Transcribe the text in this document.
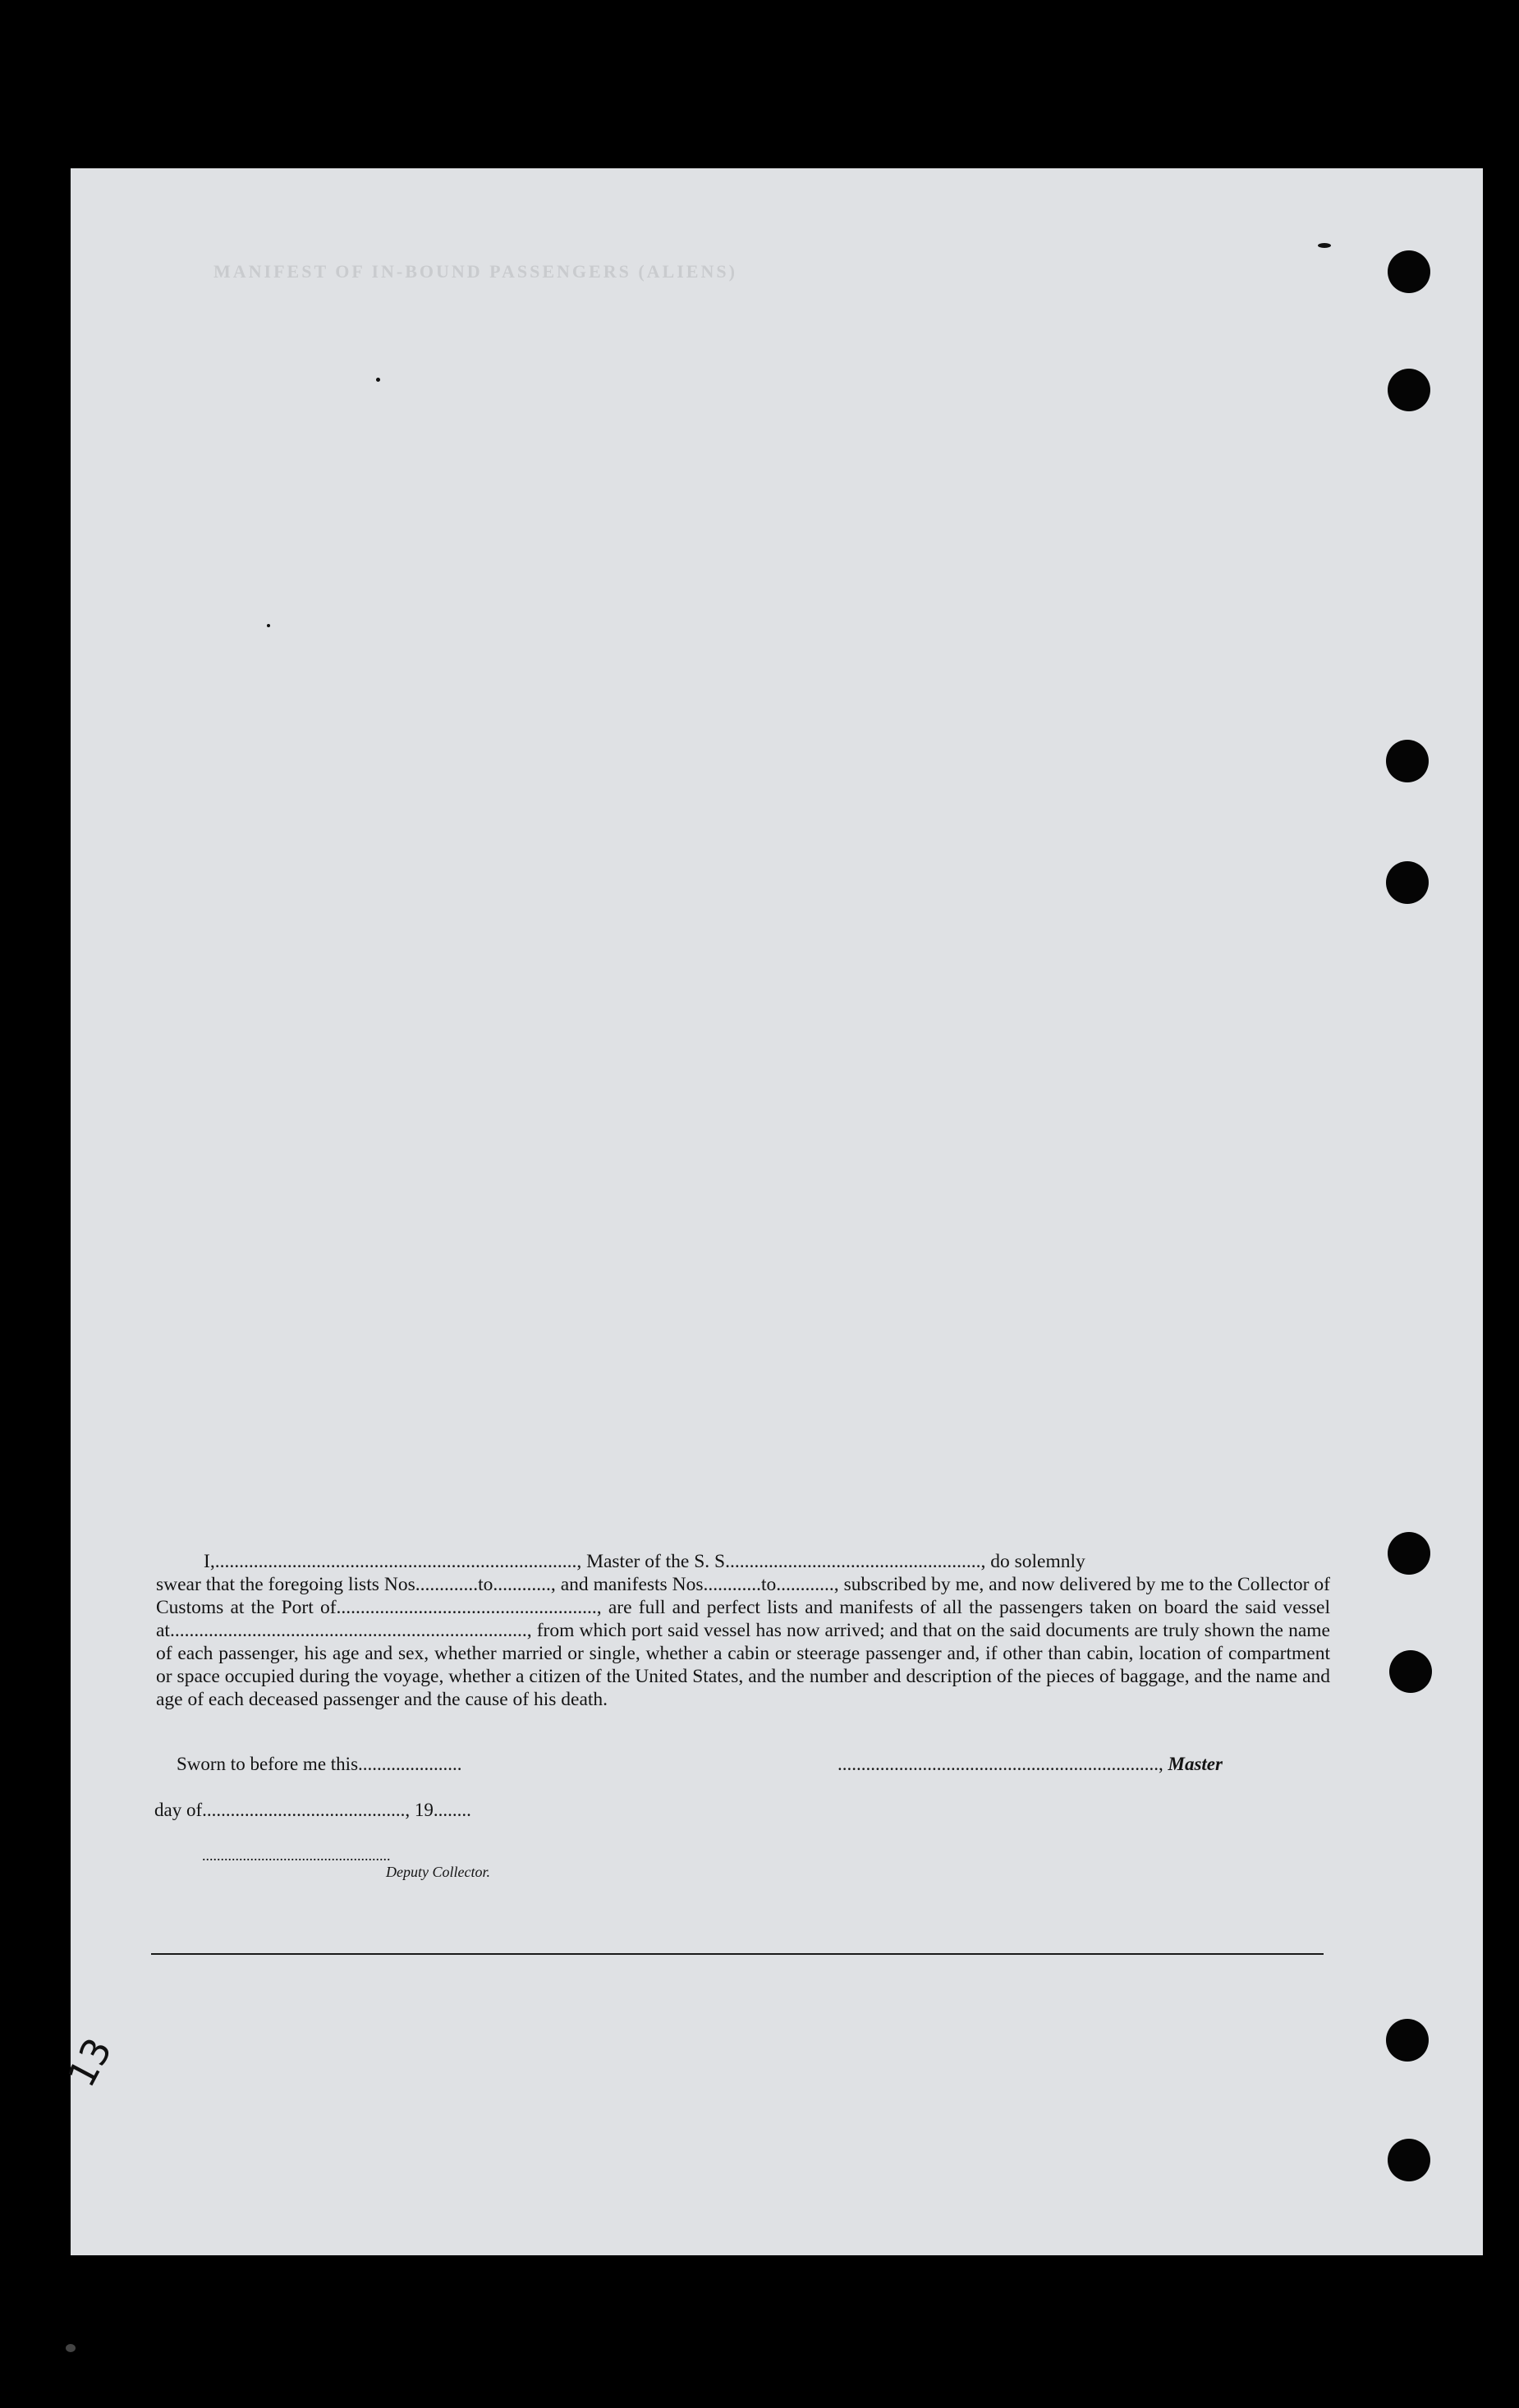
MANIFEST OF IN-BOUND PASSENGERS (ALIENS)

I,..........................................................................., Master of the S. S....................................................., do solemnly

swear that the foregoing lists Nos.............to............, and manifests Nos............to............, subscribed by me, and now delivered by me to the Collector of Customs at the Port of......................................................, are full and perfect lists and manifests of all the passengers taken on board the said vessel at.........................................................................., from which port said vessel has now arrived; and that on the said documents are truly shown the name of each passenger, his age and sex, whether married or single, whether a cabin or steerage passenger and, if other than cabin, location of compartment or space occupied during the voyage, whether a citizen of the United States, and the number and description of the pieces of baggage, and the name and age of each deceased passenger and the cause of his death.

Sworn to before me this......................	...................................................................., Master
day of..........................................., 19........
...................................................
Deputy Collector.
13
